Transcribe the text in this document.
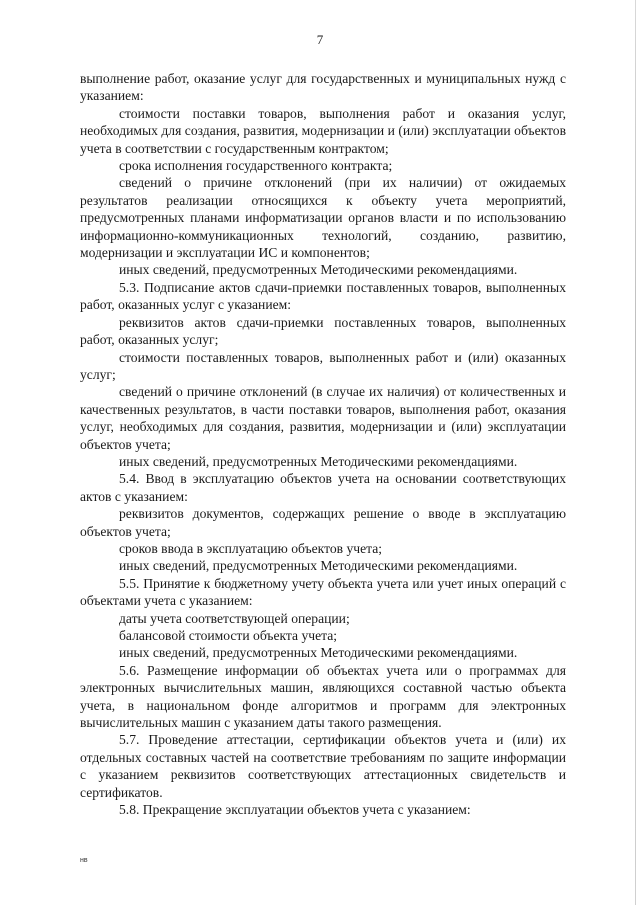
7

выполнение работ, оказание услуг для государственных и муниципальных нужд с указанием:

стоимости поставки товаров, выполнения работ и оказания услуг, необходимых для создания, развития, модернизации и (или) эксплуатации объектов учета в соответствии с государственным контрактом;

срока исполнения государственного контракта;

сведений о причине отклонений (при их наличии) от ожидаемых результатов реализации относящихся к объекту учета мероприятий, предусмотренных планами информатизации органов власти и по использованию информационно-коммуникационных технологий, созданию, развитию, модернизации и эксплуатации ИС и компонентов;

иных сведений, предусмотренных Методическими рекомендациями.

5.3. Подписание актов сдачи-приемки поставленных товаров, выполненных работ, оказанных услуг с указанием:

реквизитов актов сдачи-приемки поставленных товаров, выполненных работ, оказанных услуг;

стоимости поставленных товаров, выполненных работ и (или) оказанных услуг;

сведений о причине отклонений (в случае их наличия) от количественных и качественных результатов, в части поставки товаров, выполнения работ, оказания услуг, необходимых для создания, развития, модернизации и (или) эксплуатации объектов учета;

иных сведений, предусмотренных Методическими рекомендациями.

5.4. Ввод в эксплуатацию объектов учета на основании соответствующих актов с указанием:

реквизитов документов, содержащих решение о вводе в эксплуатацию объектов учета;

сроков ввода в эксплуатацию объектов учета;

иных сведений, предусмотренных Методическими рекомендациями.

5.5. Принятие к бюджетному учету объекта учета или учет иных операций с объектами учета с указанием:

даты учета соответствующей операции;

балансовой стоимости объекта учета;

иных сведений, предусмотренных Методическими рекомендациями.

5.6. Размещение информации об объектах учета или о программах для электронных вычислительных машин, являющихся составной частью объекта учета, в национальном фонде алгоритмов и программ для электронных вычислительных машин с указанием даты такого размещения.

5.7. Проведение аттестации, сертификации объектов учета и (или) их отдельных составных частей на соответствие требованиям по защите информации с указанием реквизитов соответствующих аттестационных свидетельств и сертификатов.

5.8. Прекращение эксплуатации объектов учета с указанием:

нв
